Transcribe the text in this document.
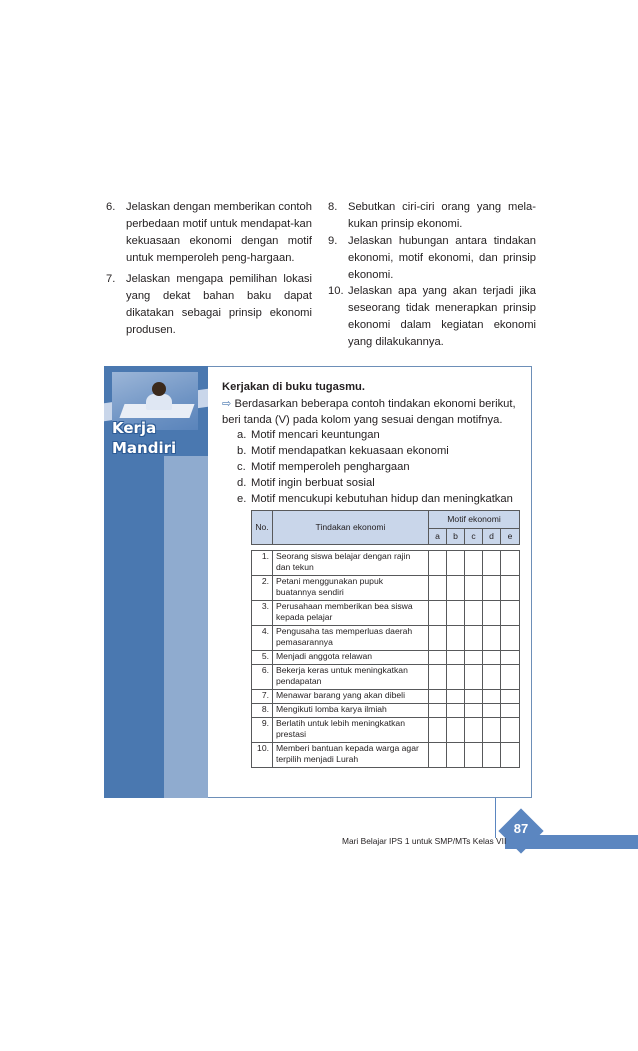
6. Jelaskan dengan memberikan contoh perbedaan motif untuk mendapat-kan kekuasaan ekonomi dengan motif untuk memperoleh peng-hargaan.
7. Jelaskan mengapa pemilihan lokasi yang dekat bahan baku dapat dikatakan sebagai prinsip ekonomi produsen.
8. Sebutkan ciri-ciri orang yang mela-kukan prinsip ekonomi.
9. Jelaskan hubungan antara tindakan ekonomi, motif ekonomi, dan prinsip ekonomi.
10. Jelaskan apa yang akan terjadi jika seseorang tidak menerapkan prinsip ekonomi dalam kegiatan ekonomi yang dilakukannya.
Kerja
Mandiri
Kerjakan di buku tugasmu.
⇨ Berdasarkan beberapa contoh tindakan ekonomi berikut, beri tanda (V) pada kolom yang sesuai dengan motifnya.
a. Motif mencari keuntungan
b. Motif mendapatkan kekuasaan ekonomi
c. Motif memperoleh penghargaan
d. Motif ingin berbuat sosial
e. Motif mencukupi kebutuhan hidup dan meningkatkan
No.	Tindakan ekonomi	Motif ekonomi				
		a	b	c	d	e

1.	Seorang siswa belajar dengan rajin dan tekun					
2.	Petani menggunakan pupuk buatannya sendiri					
3.	Perusahaan memberikan bea siswa kepada pelajar					
4.	Pengusaha tas memperluas daerah pemasarannya					
5.	Menjadi anggota relawan					
6.	Bekerja keras untuk meningkatkan pendapatan					
7.	Menawar barang yang akan dibeli					
8.	Mengikuti lomba karya ilmiah					
9.	Berlatih untuk lebih meningkatkan prestasi					
10.	Memberi bantuan kepada warga agar terpilih menjadi Lurah					
87
Mari Belajar IPS 1 untuk SMP/MTs Kelas VII
